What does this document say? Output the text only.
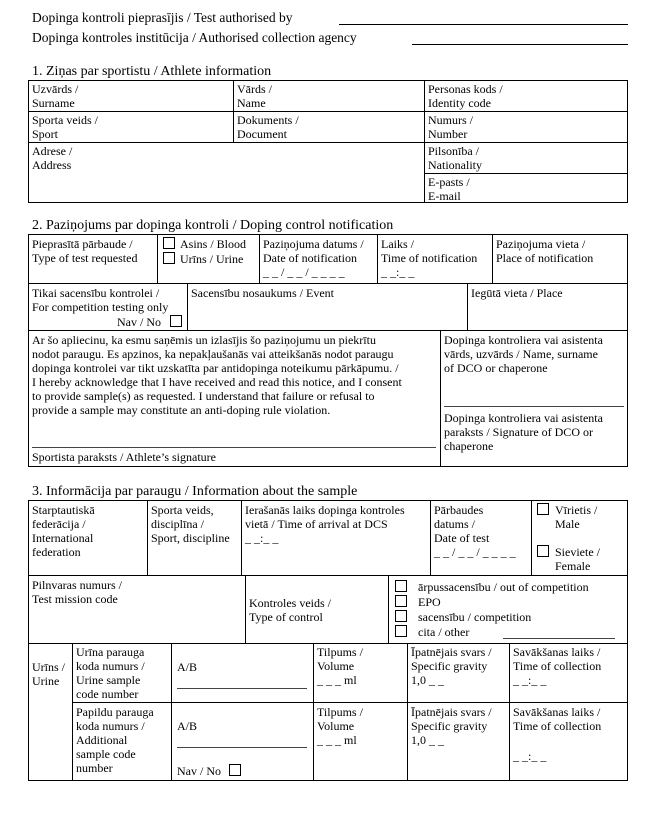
Dopinga kontroli pieprasījis / Test authorised by
Dopinga kontroles institūcija / Authorised collection agency
1. Ziņas par sportistu / Athlete information
Uzvārds /
Surname
Vārds /
Name
Personas kods /
Identity code
Sporta veids /
Sport
Dokuments /
Document
Numurs /
Number
Adrese /
Address
Pilsonība /
Nationality
E-pasts /
E-mail
2. Paziņojums par dopinga kontroli / Doping control notification
Pieprasītā pārbaude /
Type of test requested
Asins / Blood
Urīns / Urine
Paziņojuma datums /
Date of notification
_ _ / _ _ / _ _ _ _
Laiks /
Time of notification
_ _:_ _
Paziņojuma vieta /
Place of notification
Tikai sacensību kontrolei /
For competition testing only
Nav / No
Sacensību nosaukums / Event	Iegūtā vieta / Place
Ar šo apliecinu, ka esmu saņēmis un izlasījis šo paziņojumu un piekrītu
nodot paraugu. Es apzinos, ka nepakļaušanās vai atteikšanās nodot paraugu
dopinga kontrolei var tikt uzskatīta par antidopinga noteikumu pārkāpumu. /
I hereby acknowledge that I have received and read this notice, and I consent
to provide sample(s) as requested. I understand that failure or refusal to
provide a sample may constitute an anti-doping rule violation.
Sportista paraksts / Athlete’s signature
Dopinga kontroliera vai asistenta
vārds, uzvārds / Name, surname
of DCO or chaperone
Dopinga kontroliera vai asistenta
paraksts / Signature of DCO or
chaperone
3. Informācija par paraugu / Information about the sample
Starptautiskā
federācija /
International
federation
Sporta veids,
disciplīna /
Sport, discipline
Ierašanās laiks dopinga kontroles
vietā / Time of arrival at DCS
_ _:_ _
Pārbaudes
datums /
Date of test
_ _ / _ _ / _ _ _ _
Vīrietis /
Male
Sieviete /
Female
Pilnvaras numurs /
Test mission code	Kontroles veids /
Type of control
ārpussacensību / out of competition
EPO
sacensību / competition
cita / other
Urīns /
Urine
Urīna parauga
koda numurs /
Urine sample
code number
A/B
Tilpums /
Volume
_ _ _ ml
Īpatnējais svars /
Specific gravity
1,0 _ _
Savākšanas laiks /
Time of collection
_ _:_ _
Papildu parauga
koda numurs /
Additional
sample code
number
A/B
Nav / No
Tilpums /
Volume
_ _ _ ml
Īpatnējais svars /
Specific gravity
1,0 _ _
Savākšanas laiks /
Time of collection
_ _:_ _
